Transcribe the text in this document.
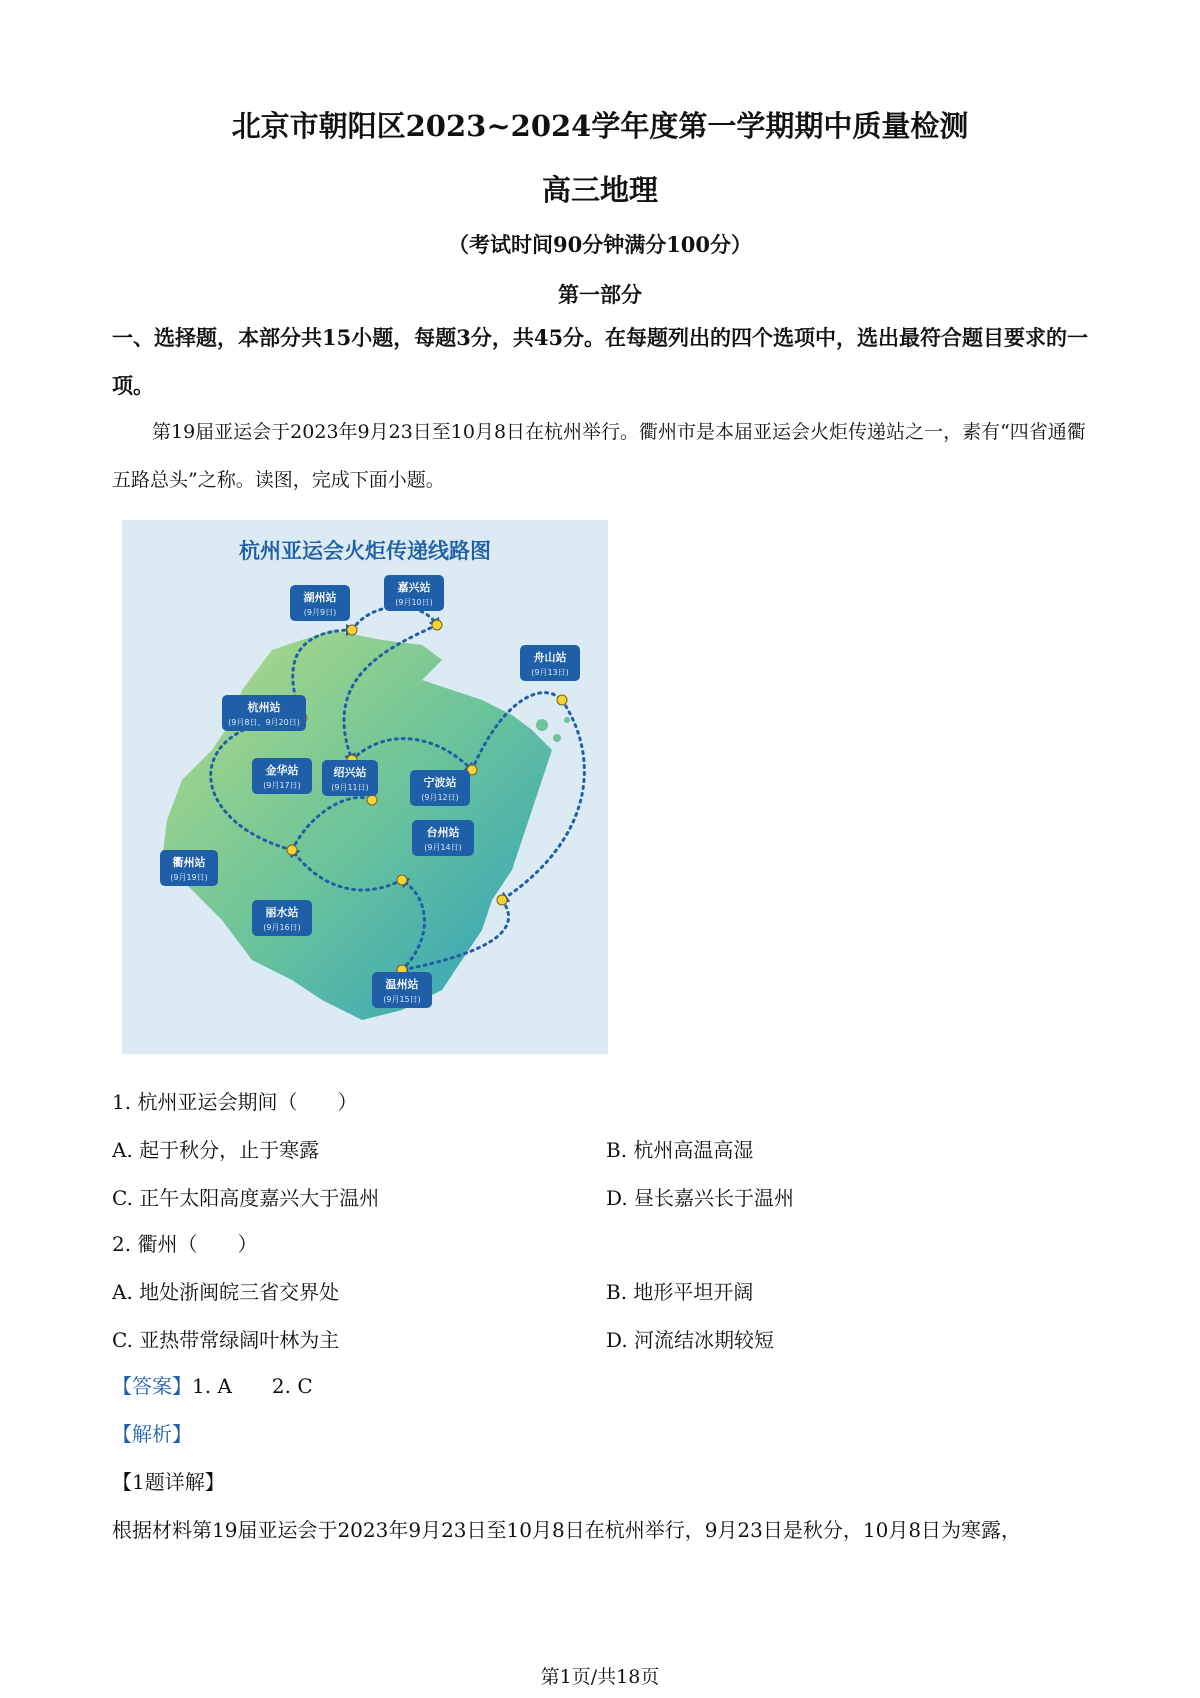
北京市朝阳区2023~2024学年度第一学期期中质量检测
高三地理
（考试时间90分钟满分100分）
第一部分
一、选择题，本部分共15小题，每题3分，共45分。在每题列出的四个选项中，选出最符合题目要求的一项。
第19届亚运会于2023年9月23日至10月8日在杭州举行。衢州市是本届亚运会火炬传递站之一，素有“四省通衢五路总头”之称。读图，完成下面小题。
杭州亚运会火炬传递线路图
湖州站
(9月9日)
嘉兴站
(9月10日)
舟山站
(9月13日)
杭州站
(9月8日、9月20日)
金华站
(9月17日)
绍兴站
(9月11日)	宁波站
(9月12日)
台州站
(9月14日)
衢州站
(9月19日)
丽水站
(9月16日)
温州站
(9月15日)
1. 杭州亚运会期间（　　）
A. 起于秋分，止于寒露	B. 杭州高温高湿
C. 正午太阳高度嘉兴大于温州	D. 昼长嘉兴长于温州
2. 衢州（　　）
A. 地处浙闽皖三省交界处	B. 地形平坦开阔
C. 亚热带常绿阔叶林为主	D. 河流结冰期较短
【答案】1. A　　2. C
【解析】
【1题详解】
根据材料第19届亚运会于2023年9月23日至10月8日在杭州举行，9月23日是秋分，10月8日为寒露，
第1页/共18页
